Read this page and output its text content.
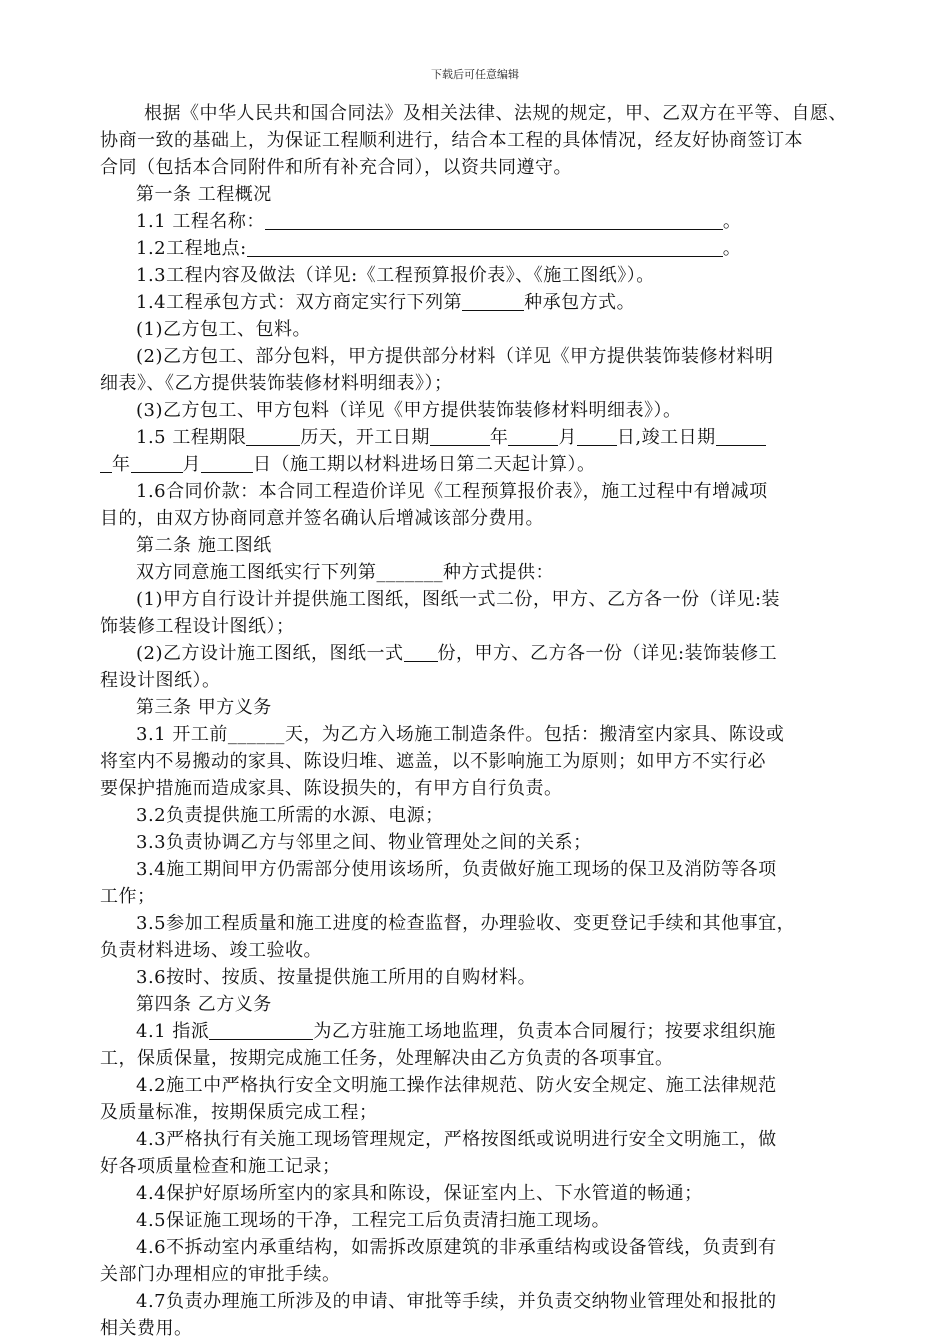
下载后可任意编辑
根据《中华人民共和国合同法》及相关法律、法规的规定，甲、乙双方在平等、自愿、
协商一致的基础上，为保证工程顺利进行，结合本工程的具体情况，经友好协商签订本
合同（包括本合同附件和所有补充合同），以资共同遵守。
第一条 工程概况
1.1 工程名称：	。
1.2工程地点:	。
1.3工程内容及做法（详见:《工程预算报价表》、《施工图纸》）。
1.4工程承包方式：双方商定实行下列第	种承包方式。
(1)乙方包工、包料。
(2)乙方包工、部分包料，甲方提供部分材料（详见《甲方提供装饰装修材料明
细表》、《乙方提供装饰装修材料明细表》）；
(3)乙方包工、甲方包料（详见《甲方提供装饰装修材料明细表》）。
1.5 工程期限	历天，开工日期	年	月 日,竣工日期
年	月	日（施工期以材料进场日第二天起计算）。
1.6合同价款：本合同工程造价详见《工程预算报价表》，施工过程中有增减项
目的，由双方协商同意并签名确认后增减该部分费用。
第二条 施工图纸
双方同意施工图纸实行下列第_______种方式提供：
(1)甲方自行设计并提供施工图纸，图纸一式二份，甲方、乙方各一份（详见:装
饰装修工程设计图纸）；
(2)乙方设计施工图纸，图纸一式 份，甲方、乙方各一份（详见:装饰装修工
程设计图纸）。
第三条 甲方义务
3.1 开工前______天，为乙方入场施工制造条件。包括：搬清室内家具、陈设或
将室内不易搬动的家具、陈设归堆、遮盖，以不影响施工为原则；如甲方不实行必
要保护措施而造成家具、陈设损失的，有甲方自行负责。
3.2负责提供施工所需的水源、电源；
3.3负责协调乙方与邻里之间、物业管理处之间的关系；
3.4施工期间甲方仍需部分使用该场所，负责做好施工现场的保卫及消防等各项
工作；
3.5参加工程质量和施工进度的检查监督，办理验收、变更登记手续和其他事宜，
负责材料进场、竣工验收。
3.6按时、按质、按量提供施工所用的自购材料。
第四条 乙方义务
4.1 指派	为乙方驻施工场地监理，负责本合同履行；按要求组织施
工，保质保量，按期完成施工任务，处理解决由乙方负责的各项事宜。
4.2施工中严格执行安全文明施工操作法律规范、防火安全规定、施工法律规范
及质量标准，按期保质完成工程；
4.3严格执行有关施工现场管理规定，严格按图纸或说明进行安全文明施工，做
好各项质量检查和施工记录；
4.4保护好原场所室内的家具和陈设，保证室内上、下水管道的畅通；
4.5保证施工现场的干净，工程完工后负责清扫施工现场。
4.6不拆动室内承重结构，如需拆改原建筑的非承重结构或设备管线，负责到有
关部门办理相应的审批手续。
4.7负责办理施工所涉及的申请、审批等手续，并负责交纳物业管理处和报批的
相关费用。
